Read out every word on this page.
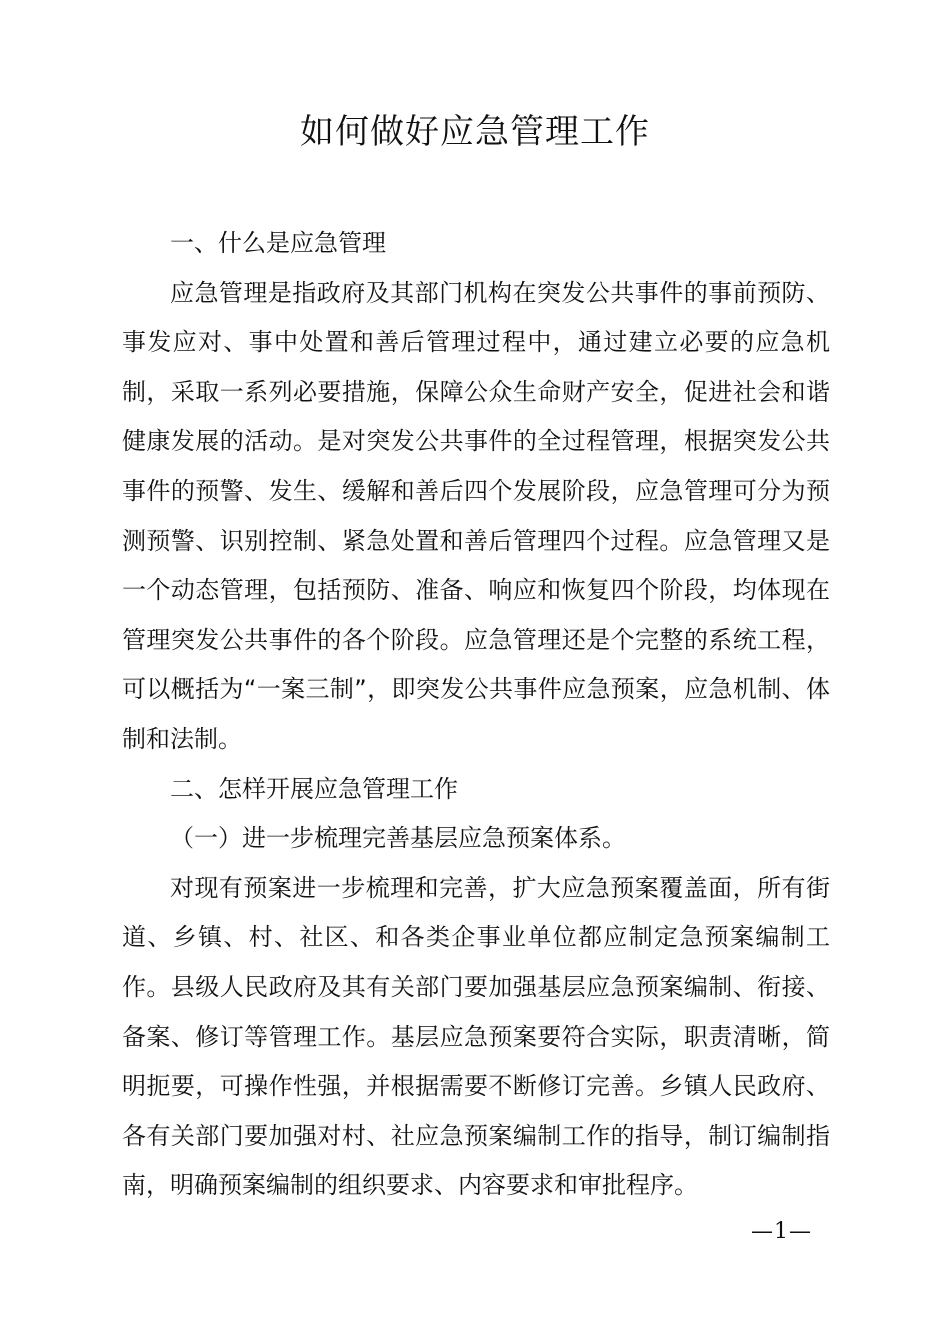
如何做好应急管理工作

一、什么是应急管理

应急管理是指政府及其部门机构在突发公共事件的事前预防、事发应对、事中处置和善后管理过程中，通过建立必要的应急机制，采取一系列必要措施，保障公众生命财产安全，促进社会和谐健康发展的活动。是对突发公共事件的全过程管理，根据突发公共事件的预警、发生、缓解和善后四个发展阶段，应急管理可分为预测预警、识别控制、紧急处置和善后管理四个过程。应急管理又是一个动态管理，包括预防、准备、响应和恢复四个阶段，均体现在管理突发公共事件的各个阶段。应急管理还是个完整的系统工程，可以概括为“一案三制”，即突发公共事件应急预案，应急机制、体制和法制。

二、怎样开展应急管理工作

（一）进一步梳理完善基层应急预案体系。

对现有预案进一步梳理和完善，扩大应急预案覆盖面，所有街道、乡镇、村、社区、和各类企事业单位都应制定急预案编制工作。县级人民政府及其有关部门要加强基层应急预案编制、衔接、备案、修订等管理工作。基层应急预案要符合实际，职责清晰，简明扼要，可操作性强，并根据需要不断修订完善。乡镇人民政府、各有关部门要加强对村、社应急预案编制工作的指导，制订编制指南，明确预案编制的组织要求、内容要求和审批程序。

—1—
